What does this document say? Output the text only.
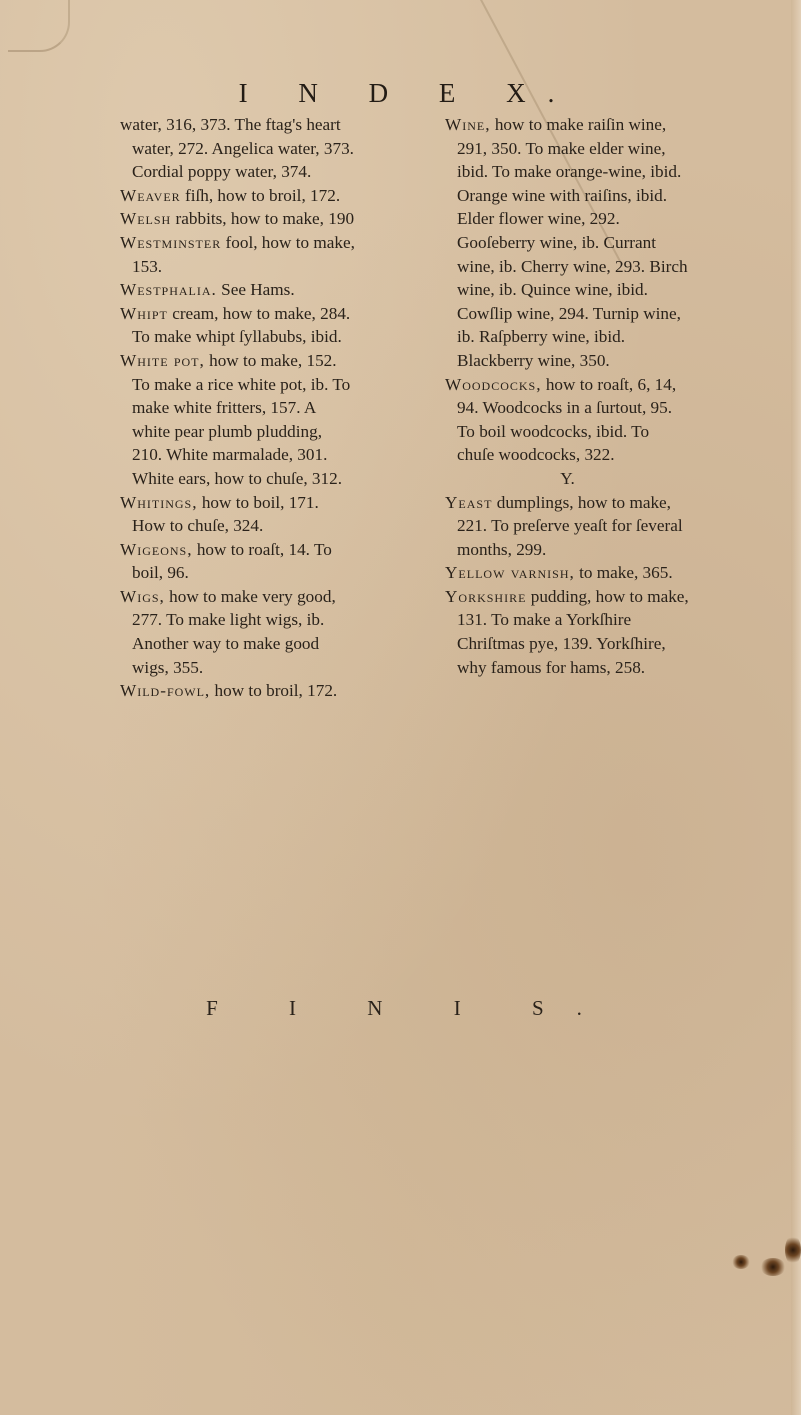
I N D E X.

water, 316, 373. The ftag's heart water, 272. Angelica water, 373. Cordial poppy water, 374.

Weaver fiſh, how to broil, 172.

Welsh rabbits, how to make, 190

Westminster fool, how to make, 153.

Westphalia. See Hams.

Whipt cream, how to make, 284. To make whipt ſyllabubs, ibid.

White pot, how to make, 152. To make a rice white pot, ib. To make white fritters, 157. A white pear plumb pludding, 210. White marmalade, 301. White ears, how to chuſe, 312.

Whitings, how to boil, 171. How to chuſe, 324.

Wigeons, how to roaſt, 14. To boil, 96.

Wigs, how to make very good, 277. To make light wigs, ib. Another way to make good wigs, 355.

Wild-fowl, how to broil, 172.

Wine, how to make raiſin wine, 291, 350. To make elder wine, ibid. To make orange-wine, ibid. Orange wine with raiſins, ibid. Elder flower wine, 292. Gooſeberry wine, ib. Currant wine, ib. Cherry wine, 293. Birch wine, ib. Quince wine, ibid. Cowſlip wine, 294. Turnip wine, ib. Raſpberry wine, ibid. Blackberry wine, 350.

Woodcocks, how to roaſt, 6, 14, 94. Woodcocks in a ſurtout, 95. To boil woodcocks, ibid. To chuſe woodcocks, 322.

Y.

Yeast dumplings, how to make, 221. To preſerve yeaſt for ſeveral months, 299.

Yellow varnish, to make, 365.

Yorkshire pudding, how to make, 131. To make a Yorkſhire Chriſtmas pye, 139. Yorkſhire, why famous for hams, 258.

F I N I S.
